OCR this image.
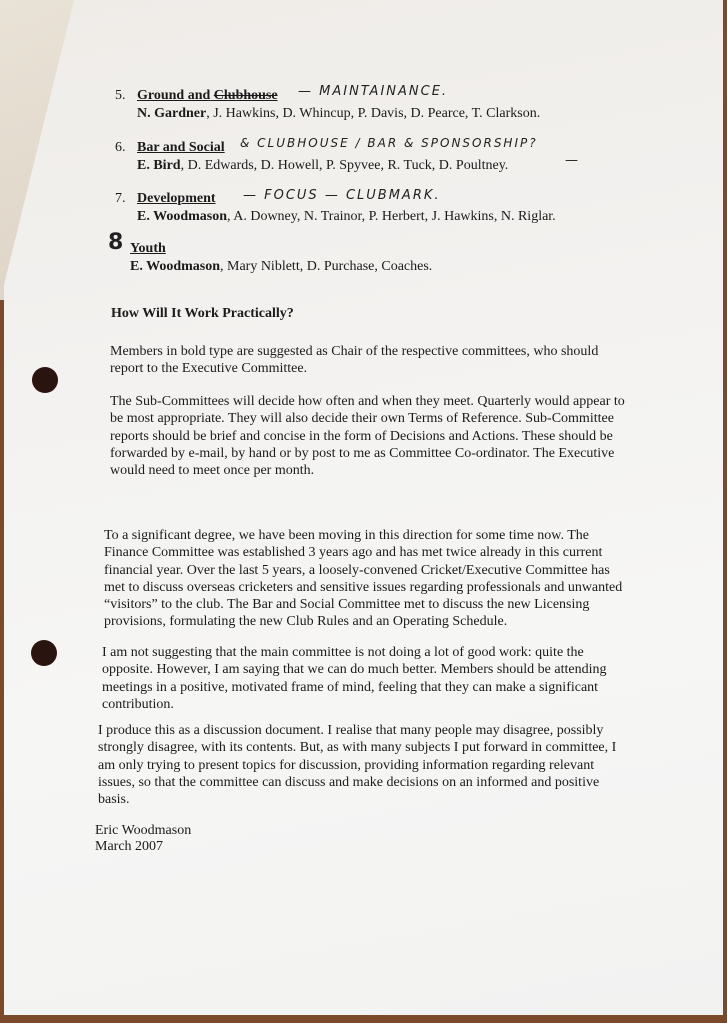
5. Ground and Clubhouse
N. Gardner, J. Hawkins, D. Whincup, P. Davis, D. Pearce, T. Clarkson.
— MAINTAINANCE.
6. Bar and Social
E. Bird, D. Edwards, D. Howell, P. Spyvee, R. Tuck, D. Poultney.
& CLUBHOUSE / BAR & SPONSORSHIP?
—
7. Development
E. Woodmason, A. Downey, N. Trainor, P. Herbert, J. Hawkins, N. Riglar.
— FOCUS — CLUBMARK.
8 Youth
E. Woodmason, Mary Niblett, D. Purchase, Coaches.
How Will It Work Practically?

Members in bold type are suggested as Chair of the respective committees, who should report to the Executive Committee.

The Sub-Committees will decide how often and when they meet. Quarterly would appear to be most appropriate. They will also decide their own Terms of Reference. Sub-Committee reports should be brief and concise in the form of Decisions and Actions. These should be forwarded by e-mail, by hand or by post to me as Committee Co-ordinator. The Executive would need to meet once per month.

To a significant degree, we have been moving in this direction for some time now. The Finance Committee was established 3 years ago and has met twice already in this current financial year. Over the last 5 years, a loosely-convened Cricket/Executive Committee has met to discuss overseas cricketers and sensitive issues regarding professionals and unwanted “visitors” to the club. The Bar and Social Committee met to discuss the new Licensing provisions, formulating the new Club Rules and an Operating Schedule.

I am not suggesting that the main committee is not doing a lot of good work: quite the opposite. However, I am saying that we can do much better. Members should be attending meetings in a positive, motivated frame of mind, feeling that they can make a significant contribution.

I produce this as a discussion document. I realise that many people may disagree, possibly strongly disagree, with its contents. But, as with many subjects I put forward in committee, I am only trying to present topics for discussion, providing information regarding relevant issues, so that the committee can discuss and make decisions on an informed and positive basis.

Eric Woodmason
March 2007
